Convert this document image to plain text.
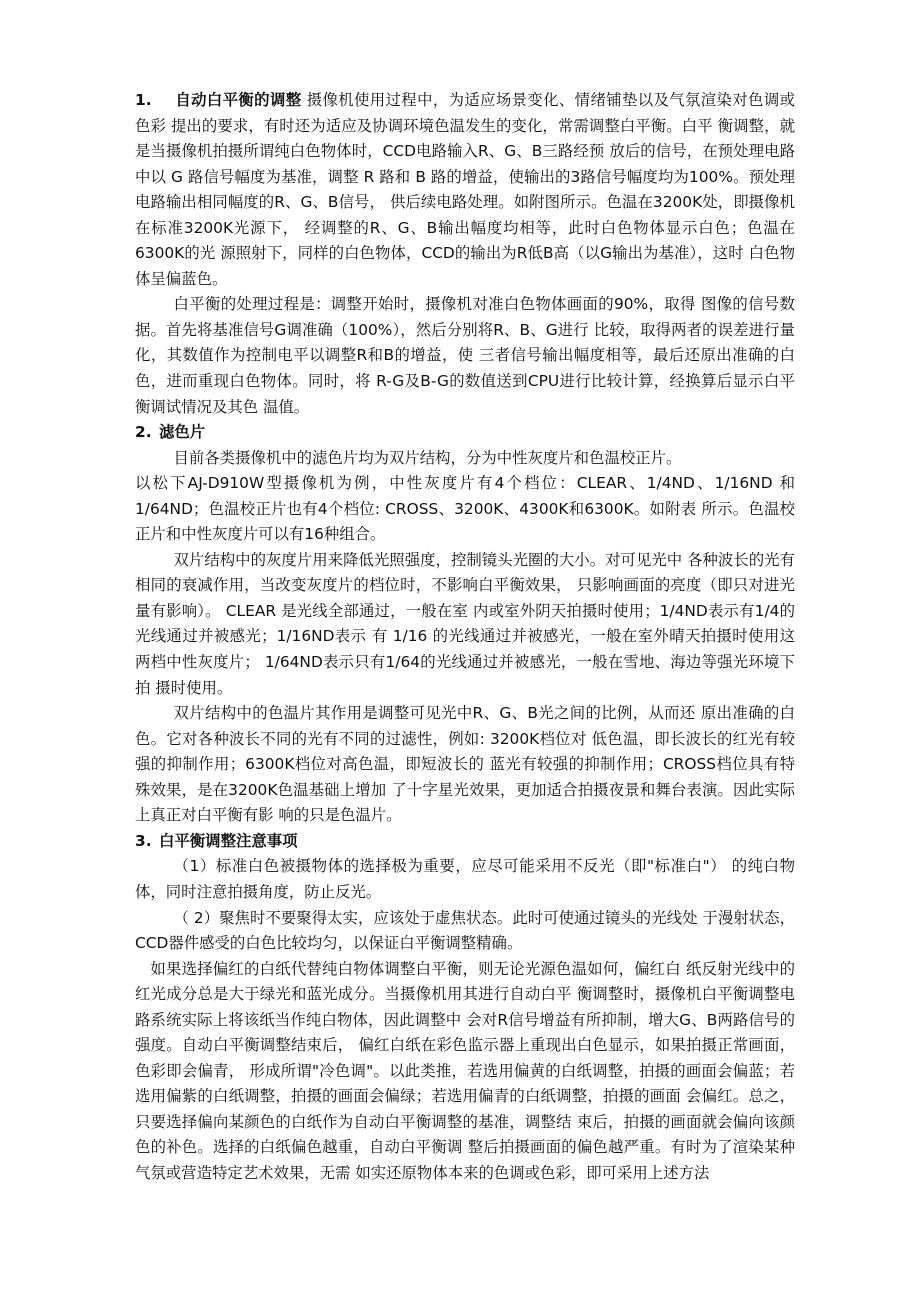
1. 自动白平衡的调整 摄像机使用过程中，为适应场景变化、情绪铺垫以及气氛渲染对色调或色彩 提出的要求，有时还为适应及协调环境色温发生的变化，常需调整白平衡。白平 衡调整，就是当摄像机拍摄所谓纯白色物体时，CCD电路输入R、G、B三路经预 放后的信号，在预处理电路中以 G 路信号幅度为基准，调整 R 路和 B 路的增益，使输出的3路信号幅度均为100%。预处理电路输出相同幅度的R、G、B信号， 供后续电路处理。如附图所示。色温在3200K处，即摄像机在标准3200K光源下， 经调整的R、G、B输出幅度均相等，此时白色物体显示白色；色温在6300K的光 源照射下，同样的白色物体，CCD的输出为R低B高（以G输出为基准），这时 白色物体呈偏蓝色。

白平衡的处理过程是：调整开始时，摄像机对准白色物体画面的90%，取得 图像的信号数据。首先将基准信号G调准确（100%），然后分别将R、B、G进行 比较，取得两者的误差进行量化，其数值作为控制电平以调整R和B的增益，使 三者信号输出幅度相等，最后还原出准确的白色，进而重现白色物体。同时，将 R-G及B-G的数值送到CPU进行比较计算，经换算后显示白平衡调试情况及其色 温值。

2. 滤色片

目前各类摄像机中的滤色片均为双片结构，分为中性灰度片和色温校正片。

以松下AJ-D910W型摄像机为例，中性灰度片有4个档位：CLEAR、1/4ND、1/16ND 和1/64ND；色温校正片也有4个档位: CROSS、3200K、4300K和6300K。如附表 所示。色温校正片和中性灰度片可以有16种组合。

双片结构中的灰度片用来降低光照强度，控制镜头光圈的大小。对可见光中 各种波长的光有相同的衰减作用，当改变灰度片的档位时，不影响白平衡效果， 只影响画面的亮度（即只对进光量有影响）。 CLEAR 是光线全部通过，一般在室 内或室外阴天拍摄时使用；1/4ND表示有1/4的光线通过并被感光；1/16ND表示 有 1/16 的光线通过并被感光，一般在室外晴天拍摄时使用这两档中性灰度片； 1/64ND表示只有1/64的光线通过并被感光，一般在雪地、海边等强光环境下拍 摄时使用。

双片结构中的色温片其作用是调整可见光中R、G、B光之间的比例，从而还 原出准确的白色。它对各种波长不同的光有不同的过滤性，例如: 3200K档位对 低色温，即长波长的红光有较强的抑制作用；6300K档位对高色温，即短波长的 蓝光有较强的抑制作用；CROSS档位具有特殊效果，是在3200K色温基础上增加 了十字星光效果，更加适合拍摄夜景和舞台表演。因此实际上真正对白平衡有影 响的只是色温片。

3. 白平衡调整注意事项

（1）标准白色被摄物体的选择极为重要，应尽可能采用不反光（即"标准白"） 的纯白物体，同时注意拍摄角度，防止反光。

（ 2）聚焦时不要聚得太实，应该处于虚焦状态。此时可使通过镜头的光线处 于漫射状态，CCD器件感受的白色比较均匀，以保证白平衡调整精确。

如果选择偏红的白纸代替纯白物体调整白平衡，则无论光源色温如何，偏红白 纸反射光线中的红光成分总是大于绿光和蓝光成分。当摄像机用其进行自动白平 衡调整时，摄像机白平衡调整电路系统实际上将该纸当作纯白物体，因此调整中 会对R信号增益有所抑制，增大G、B两路信号的强度。自动白平衡调整结束后， 偏红白纸在彩色监示器上重现出白色显示，如果拍摄正常画面，色彩即会偏青， 形成所谓"冷色调"。以此类推，若选用偏黄的白纸调整，拍摄的画面会偏蓝；若 选用偏紫的白纸调整，拍摄的画面会偏绿；若选用偏青的白纸调整，拍摄的画面 会偏红。总之，只要选择偏向某颜色的白纸作为自动白平衡调整的基准，调整结 束后，拍摄的画面就会偏向该颜色的补色。选择的白纸偏色越重，自动白平衡调 整后拍摄画面的偏色越严重。有时为了渲染某种气氛或营造特定艺术效果，无需 如实还原物体本来的色调或色彩，即可采用上述方法
